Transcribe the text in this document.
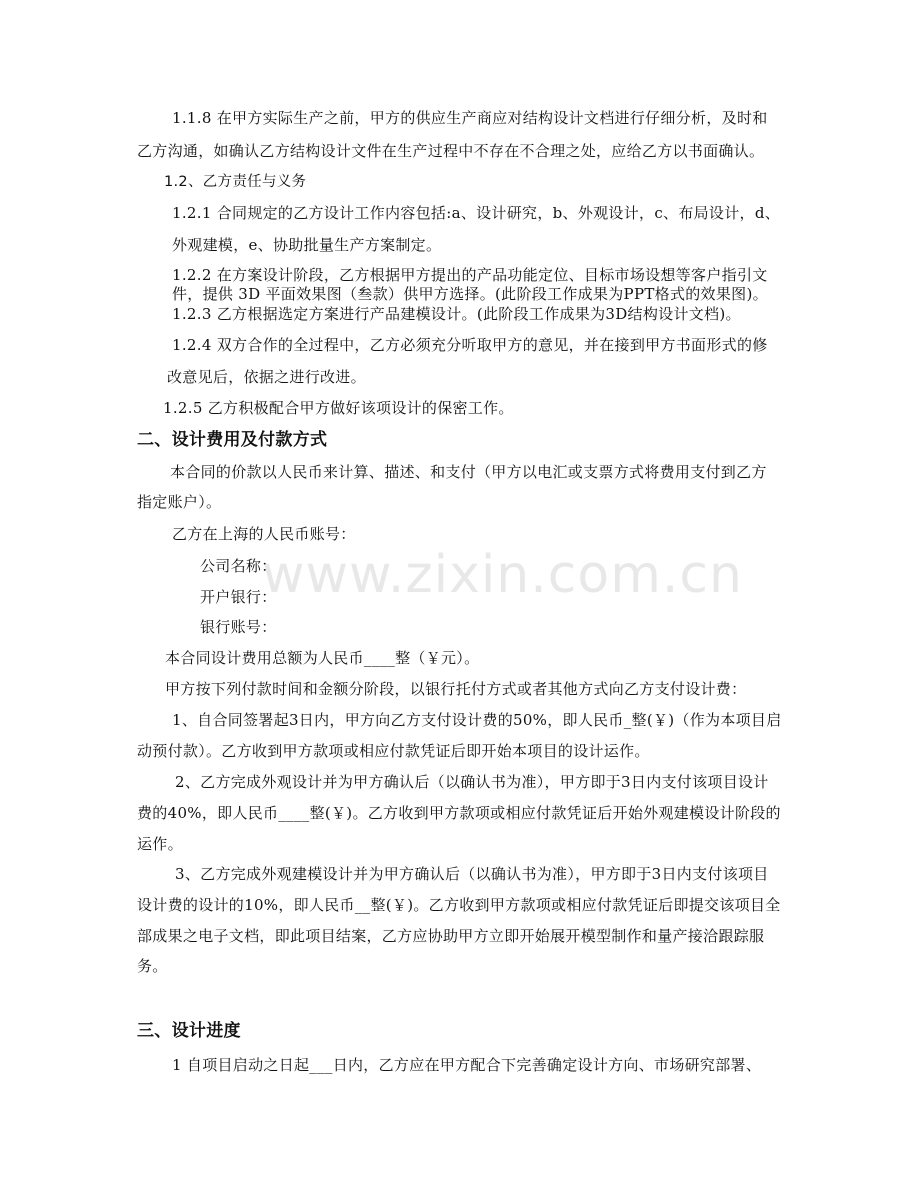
1.1.8 在甲方实际生产之前，甲方的供应生产商应对结构设计文档进行仔细分析，及时和
乙方沟通，如确认乙方结构设计文件在生产过程中不存在不合理之处，应给乙方以书面确认。
1.2、乙方责任与义务
1.2.1 合同规定的乙方设计工作内容包括:a、设计研究，b、外观设计，c、布局设计，d、
外观建模，e、协助批量生产方案制定。
1.2.2 在方案设计阶段，乙方根据甲方提出的产品功能定位、目标市场设想等客户指引文
件，提供 3D 平面效果图（叁款）供甲方选择。(此阶段工作成果为PPT格式的效果图)。
1.2.3 乙方根据选定方案进行产品建模设计。(此阶段工作成果为3D结构设计文档)。
1.2.4 双方合作的全过程中，乙方必须充分听取甲方的意见，并在接到甲方书面形式的修
改意见后，依据之进行改进。
1.2.5 乙方积极配合甲方做好该项设计的保密工作。
二、设计费用及付款方式
本合同的价款以人民币来计算、描述、和支付（甲方以电汇或支票方式将费用支付到乙方
指定账户）。
乙方在上海的人民币账号：
公司名称：
开户银行：
银行账号：
本合同设计费用总额为人民币____整（￥元）。
甲方按下列付款时间和金额分阶段，以银行托付方式或者其他方式向乙方支付设计费：
1、自合同签署起3日内，甲方向乙方支付设计费的50%，即人民币_整(￥)（作为本项目启
动预付款）。乙方收到甲方款项或相应付款凭证后即开始本项目的设计运作。
2、乙方完成外观设计并为甲方确认后（以确认书为准），甲方即于3日内支付该项目设计
费的40%，即人民币____整(￥)。乙方收到甲方款项或相应付款凭证后开始外观建模设计阶段的
运作。
3、乙方完成外观建模设计并为甲方确认后（以确认书为准），甲方即于3日内支付该项目
设计费的设计的10%，即人民币__整(￥)。乙方收到甲方款项或相应付款凭证后即提交该项目全
部成果之电子文档，即此项目结案，乙方应协助甲方立即开始展开模型制作和量产接洽跟踪服
务。
三、设计进度
1 自项目启动之日起___日内，乙方应在甲方配合下完善确定设计方向、市场研究部署、
www.zixin.com.cn
